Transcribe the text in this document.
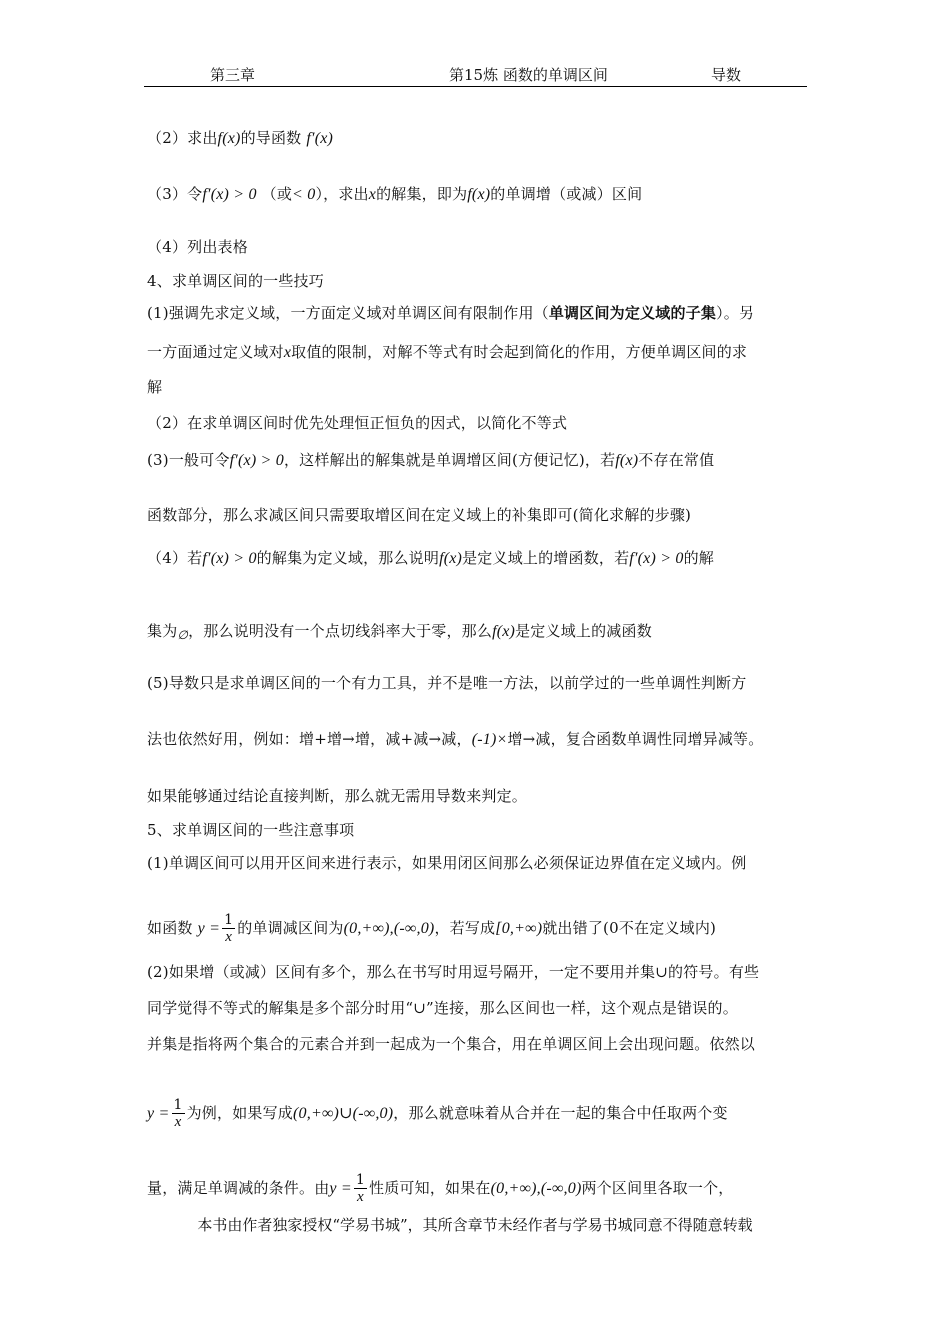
第三章	第15炼 函数的单调区间	导数
（2）求出f(x)的导函数 f′(x)
（3）令f′(x) > 0 （或< 0），求出x的解集，即为f(x)的单调增（或减）区间
（4）列出表格
4、求单调区间的一些技巧
(1)强调先求定义域，一方面定义域对单调区间有限制作用（单调区间为定义域的子集）。另
一方面通过定义域对x取值的限制，对解不等式有时会起到简化的作用，方便单调区间的求
解
（2）在求单调区间时优先处理恒正恒负的因式，以简化不等式
(3)一般可令f′(x) > 0，这样解出的解集就是单调增区间(方便记忆)，若f(x)不存在常值
函数部分，那么求减区间只需要取增区间在定义域上的补集即可(简化求解的步骤)
（4）若f′(x) > 0的解集为定义域，那么说明f(x)是定义域上的增函数，若f′(x) > 0的解
集为$_\emptyset$，那么说明没有一个点切线斜率大于零，那么f(x)是定义域上的减函数
(5)导数只是求单调区间的一个有力工具，并不是唯一方法，以前学过的一些单调性判断方
法也依然好用，例如：增+增→增，减+减→减，(-1)×增→减，复合函数单调性同增异减等。
如果能够通过结论直接判断，那么就无需用导数来判定。
5、求单调区间的一些注意事项
(1)单调区间可以用开区间来进行表示，如果用闭区间那么必须保证边界值在定义域内。例
如函数 $y = \frac{1}{x}$ 的单调减区间为(0,+∞),(-∞,0)，若写成[0,+∞)就出错了(0不在定义域内)
(2)如果增（或减）区间有多个，那么在书写时用逗号隔开，一定不要用并集∪的符号。有些
同学觉得不等式的解集是多个部分时用“∪”连接，那么区间也一样，这个观点是错误的。
并集是指将两个集合的元素合并到一起成为一个集合，用在单调区间上会出现问题。依然以
$y = \frac{1}{x}$ 为例，如果写成(0,+∞)∪(-∞,0)，那么就意味着从合并在一起的集合中任取两个变
量，满足单调减的条件。由$y = \frac{1}{x}$ 性质可知，如果在(0,+∞),(-∞,0)两个区间里各取一个，
本书由作者独家授权“学易书城”，其所含章节未经作者与学易书城同意不得随意转载
